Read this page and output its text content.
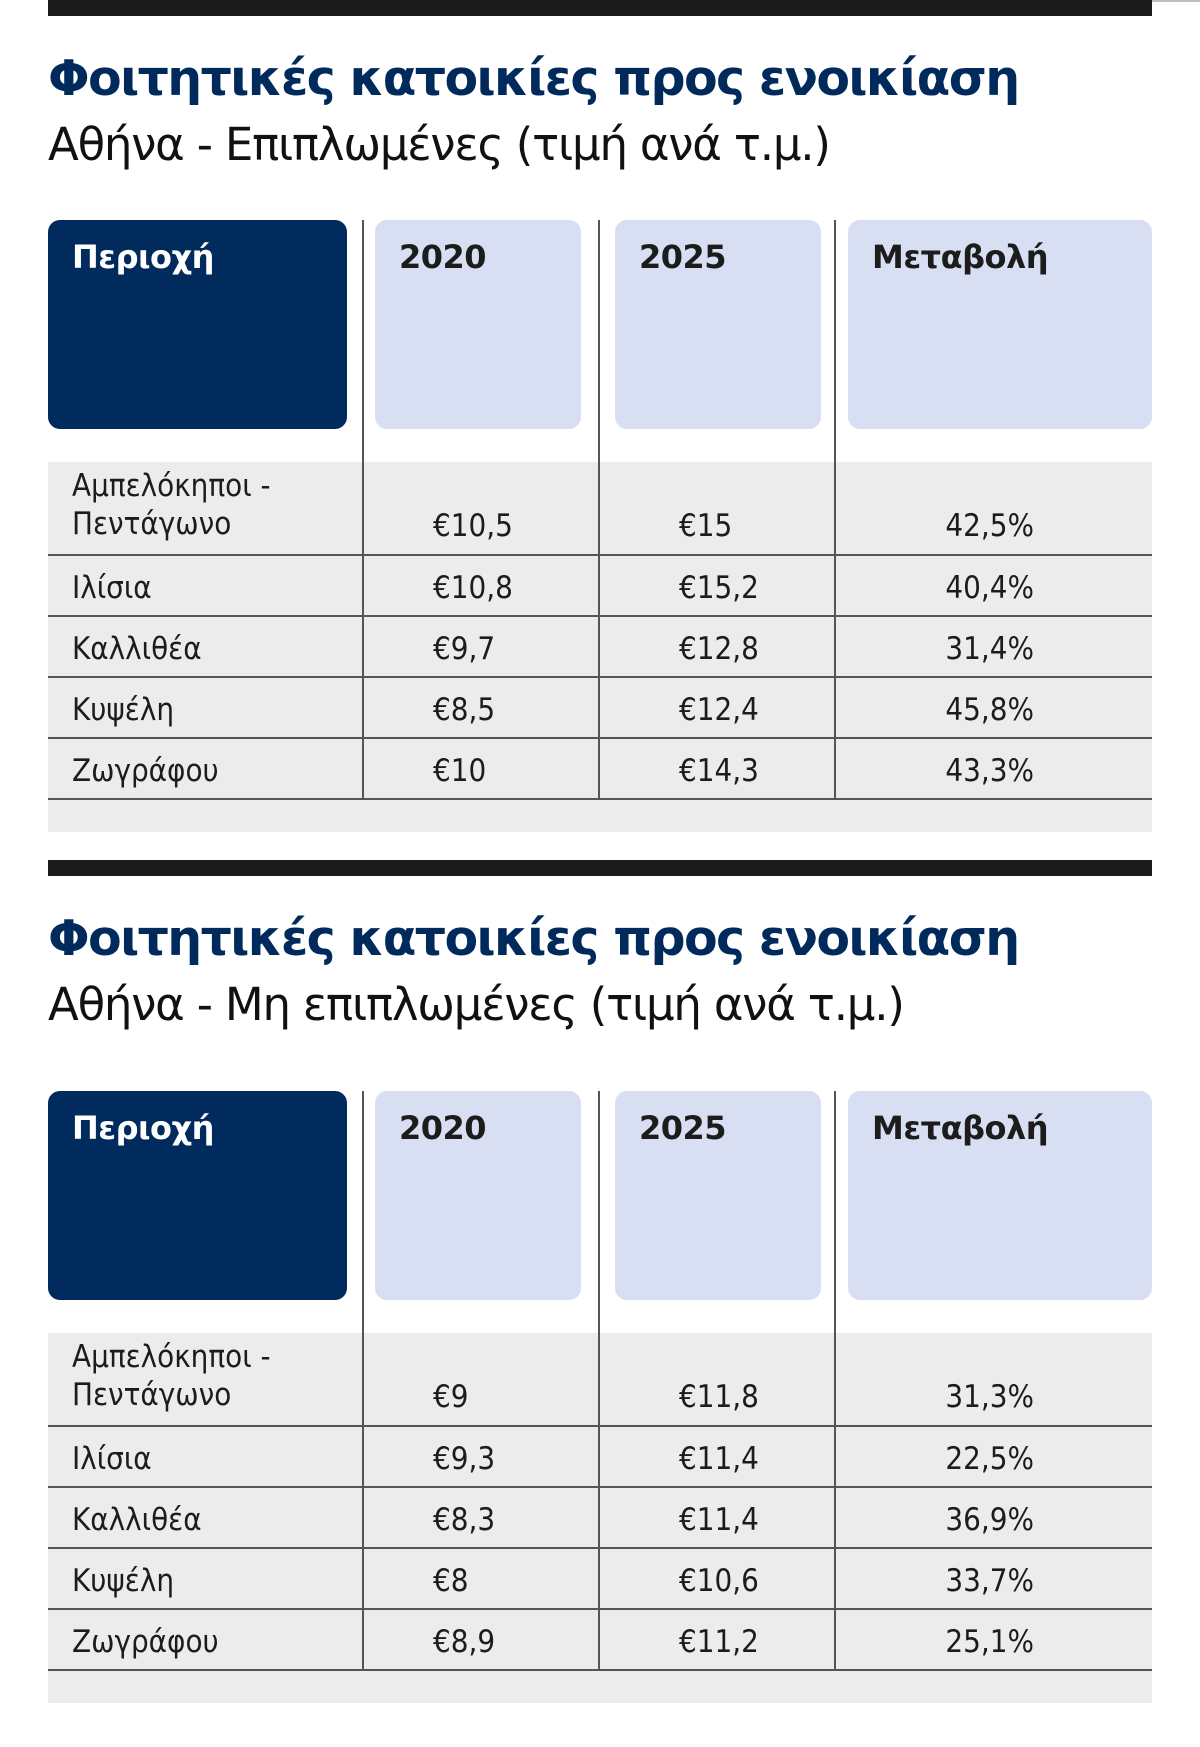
Φοιτητικές κατοικίες προς ενοικίαση
Αθήνα - Επιπλωμένες (τιμή ανά τ.μ.)
Περιοχή	2020	2025	Μεταβολή
Αμπελόκηποι - Πεντάγωνο	€10,5	€15	42,5%
Ιλίσια	€10,8	€15,2	40,4%
Καλλιθέα	€9,7	€12,8	31,4%
Κυψέλη	€8,5	€12,4	45,8%
Ζωγράφου	€10	€14,3	43,3%
Φοιτητικές κατοικίες προς ενοικίαση
Αθήνα - Μη επιπλωμένες (τιμή ανά τ.μ.)
Περιοχή	2020	2025	Μεταβολή
Αμπελόκηποι - Πεντάγωνο	€9	€11,8	31,3%
Ιλίσια	€9,3	€11,4	22,5%
Καλλιθέα	€8,3	€11,4	36,9%
Κυψέλη	€8	€10,6	33,7%
Ζωγράφου	€8,9	€11,2	25,1%
